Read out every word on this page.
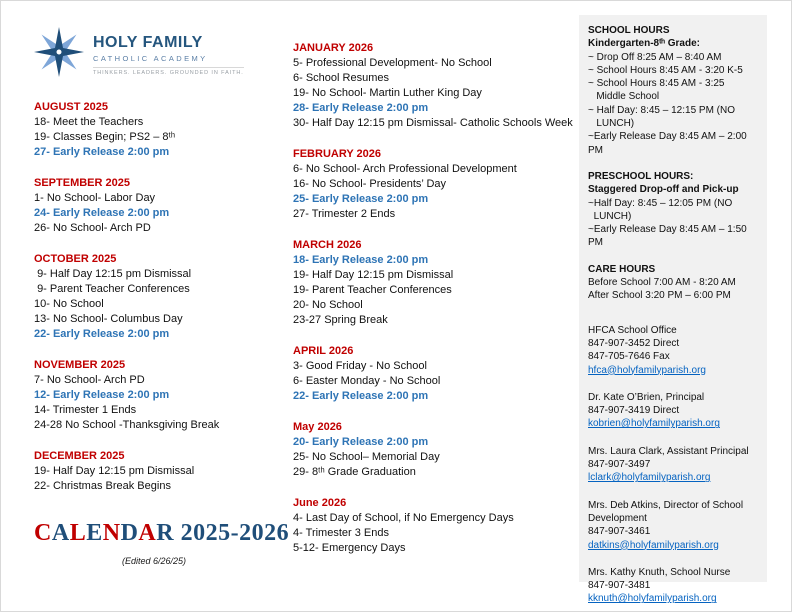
HOLY FAMILY
CATHOLIC ACADEMY
THINKERS. LEADERS. GROUNDED IN FAITH.
AUGUST 2025
18- Meet the Teachers
19- Classes Begin; PS2 – 8ᵗʰ
27- Early Release 2:00 pm
SEPTEMBER 2025
1- No School- Labor Day
24- Early Release 2:00 pm
26- No School- Arch PD
OCTOBER 2025
9- Half Day 12:15 pm Dismissal
9- Parent Teacher Conferences
10- No School
13- No School- Columbus Day
22- Early Release 2:00 pm
NOVEMBER 2025
7- No School- Arch PD
12- Early Release 2:00 pm
14- Trimester 1 Ends
24-28 No School -Thanksgiving Break
DECEMBER 2025
19- Half Day 12:15 pm Dismissal
22- Christmas Break Begins
CALENDAR 2025-2026
(Edited 6/26/25)
JANUARY 2026
5- Professional Development- No School
6- School Resumes
19- No School- Martin Luther King Day
28- Early Release 2:00 pm
30- Half Day 12:15 pm Dismissal- Catholic Schools Week
FEBRUARY 2026
6- No School- Arch Professional Development
16- No School- Presidents’ Day
25- Early Release 2:00 pm
27- Trimester 2 Ends
MARCH 2026
18- Early Release 2:00 pm
19- Half Day 12:15 pm Dismissal
19- Parent Teacher Conferences
20- No School
23-27 Spring Break
APRIL 2026
3- Good Friday - No School
6- Easter Monday - No School
22- Early Release 2:00 pm
May 2026
20- Early Release 2:00 pm
25- No School– Memorial Day
29- 8ᵗʰ Grade Graduation
June 2026
4- Last Day of School, if No Emergency Days
4- Trimester 3 Ends
5-12- Emergency Days
SCHOOL HOURS
Kindergarten-8ᵗʰ Grade:
~ Drop Off 8:25 AM – 8:40 AM
~ School Hours 8:45 AM - 3:20 K-5
~ School Hours 8:45 AM - 3:25
Middle School
~ Half Day: 8:45 – 12:15 PM (NO
LUNCH)
~Early Release Day 8:45 AM – 2:00 PM
PRESCHOOL HOURS:
Staggered Drop-off and Pick-up
~Half Day: 8:45 – 12:05 PM (NO
LUNCH)
~Early Release Day 8:45 AM – 1:50 PM
CARE HOURS
Before School 7:00 AM - 8:20 AM
After School 3:20 PM – 6:00 PM
HFCA School Office
847-907-3452 Direct
847-705-7646 Fax
hfca@holyfamilyparish.org
Dr. Kate O’Brien, Principal
847-907-3419 Direct
kobrien@holyfamilyparish.org
Mrs. Laura Clark, Assistant Principal
847-907-3497
lclark@holyfamilyparish.org
Mrs. Deb Atkins, Director of School
Development
847-907-3461
datkins@holyfamilyparish.org
Mrs. Kathy Knuth, School Nurse
847-907-3481
kknuth@holyfamilyparish.org
